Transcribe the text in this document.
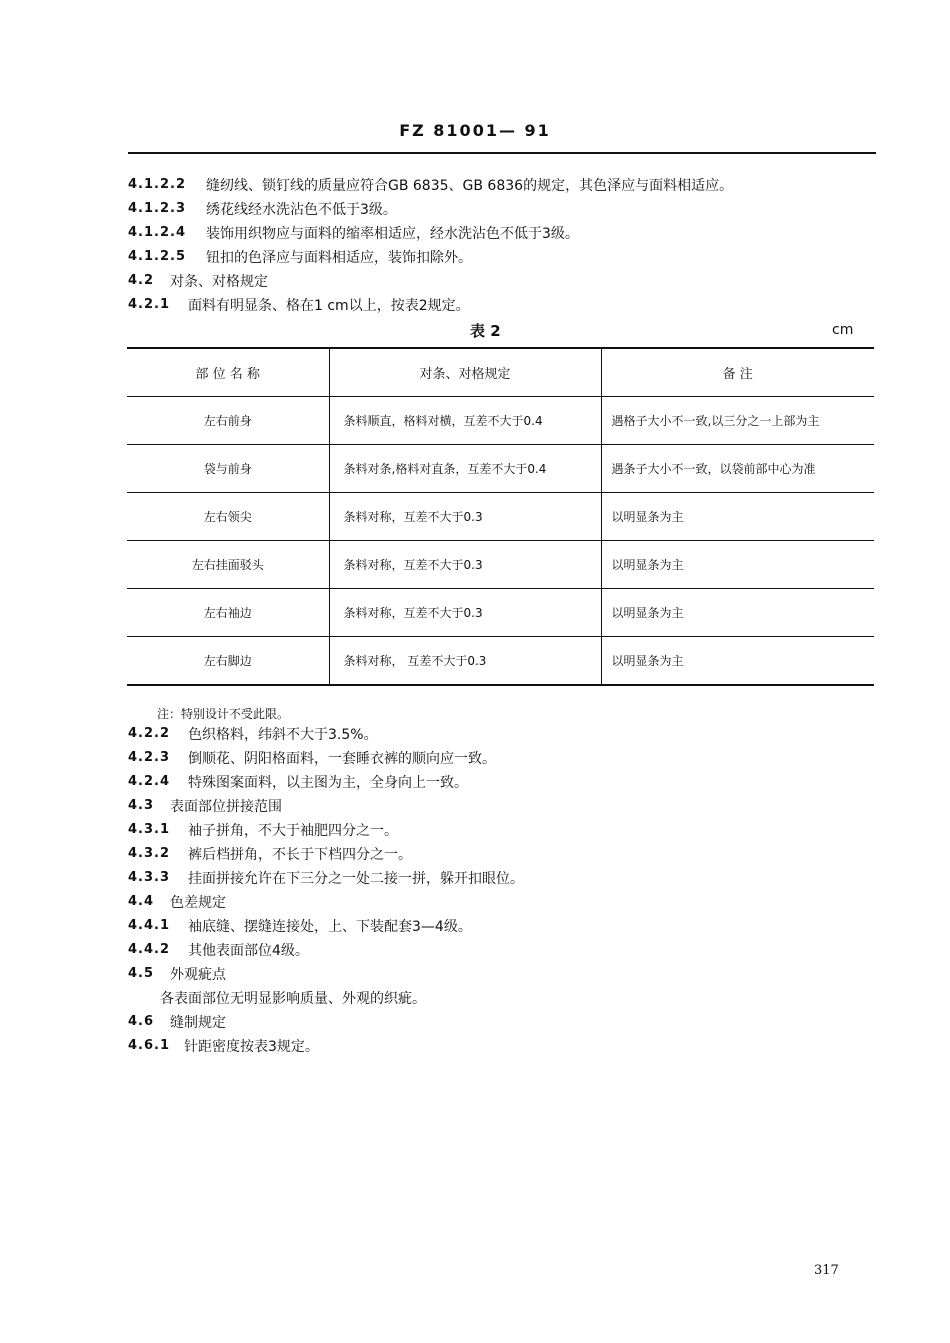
FZ 81001— 91
4.1.2.2 缝纫线、锁钉线的质量应符合GB 6835、GB 6836的规定，其色泽应与面料相适应。
4.1.2.3 绣花线经水洗沾色不低于3级。
4.1.2.4 装饰用织物应与面料的缩率相适应，经水洗沾色不低于3级。
4.1.2.5 钮扣的色泽应与面料相适应，装饰扣除外。
4.2 对条、对格规定
4.2.1 面料有明显条、格在1 cm以上，按表2规定。
表 2	cm
部 位 名 称	对条、对格规定	备 注
左右前身	条料顺直，格料对横，互差不大于0.4	遇格子大小不一致,以三分之一上部为主
袋与前身	条料对条,格料对直条，互差不大于0.4	遇条子大小不一致，以袋前部中心为准
左右领尖	条料对称，互差不大于0.3	以明显条为主
左右挂面驳头	条料对称，互差不大于0.3	以明显条为主
左右袖边	条料对称，互差不大于0.3	以明显条为主
左右脚边	条料对称， 互差不大于0.3	以明显条为主
注：特别设计不受此限。
4.2.2 色织格料，纬斜不大于3.5%。
4.2.3 倒顺花、阴阳格面料，一套睡衣裤的顺向应一致。
4.2.4 特殊图案面料，以主图为主，全身向上一致。
4.3 表面部位拼接范围
4.3.1 袖子拼角，不大于袖肥四分之一。
4.3.2 裤后档拼角，不长于下档四分之一。
4.3.3 挂面拼接允许在下三分之一处二接一拼，躲开扣眼位。
4.4 色差规定
4.4.1 袖底缝、摆缝连接处，上、下装配套3—4级。
4.4.2 其他表面部位4级。
4.5 外观疵点
各表面部位无明显影响质量、外观的织疵。
4.6 缝制规定
4.6.1 针距密度按表3规定。
317
